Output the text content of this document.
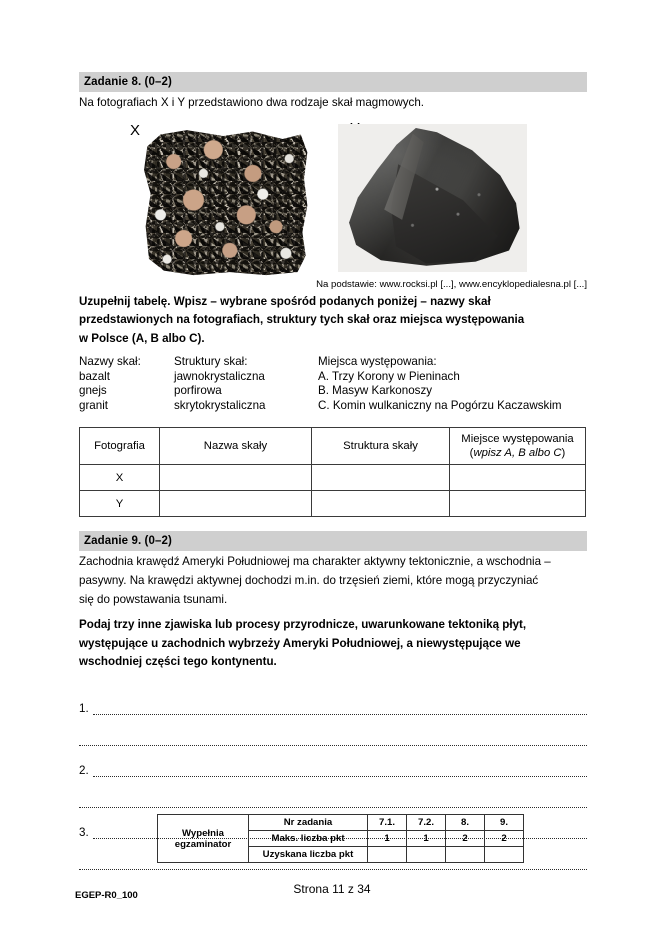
Zadanie 8. (0–2)
Na fotografiach X i Y przedstawiono dwa rodzaje skał magmowych.
X
Na podstawie: www.rocksi.pl [...], www.encyklopedialesna.pl [...]
Uzupełnij tabelę. Wpisz – wybrane spośród podanych poniżej – nazwy skał
przedstawionych na fotografiach, struktury tych skał oraz miejsca występowania
w Polsce (A, B albo C).
Nazwy skał:
bazalt
gnejs
granit
Struktury skał:
jawnokrystaliczna
porfirowa
skrytokrystaliczna
Miejsca występowania:
A. Trzy Korony w Pieninach
B. Masyw Karkonoszy
C. Komin wulkaniczny na Pogórzu Kaczawskim
Fotografia	Nazwa skały	Struktura skały	Miejsce występowania
(wpisz A, B albo C)
X			
Y			
Zadanie 9. (0–2)
Zachodnia krawędź Ameryki Południowej ma charakter aktywny tektonicznie, a wschodnia –
pasywny. Na krawędzi aktywnej dochodzi m.in. do trzęsień ziemi, które mogą przyczyniać
się do powstawania tsunami.
Podaj trzy inne zjawiska lub procesy przyrodnicze, uwarunkowane tektoniką płyt,
występujące u zachodnich wybrzeży Ameryki Południowej, a niewystępujące we
wschodniej części tego kontynentu.
1.
2.
3.	Wypełnia
egzaminator	Nr zadania	7.1.	7.2.	8.	9.
	Maks. liczba pkt	1	1	2	2
	Uzyskana liczba pkt				
Strona 11 z 34
EGEP-R0_100
